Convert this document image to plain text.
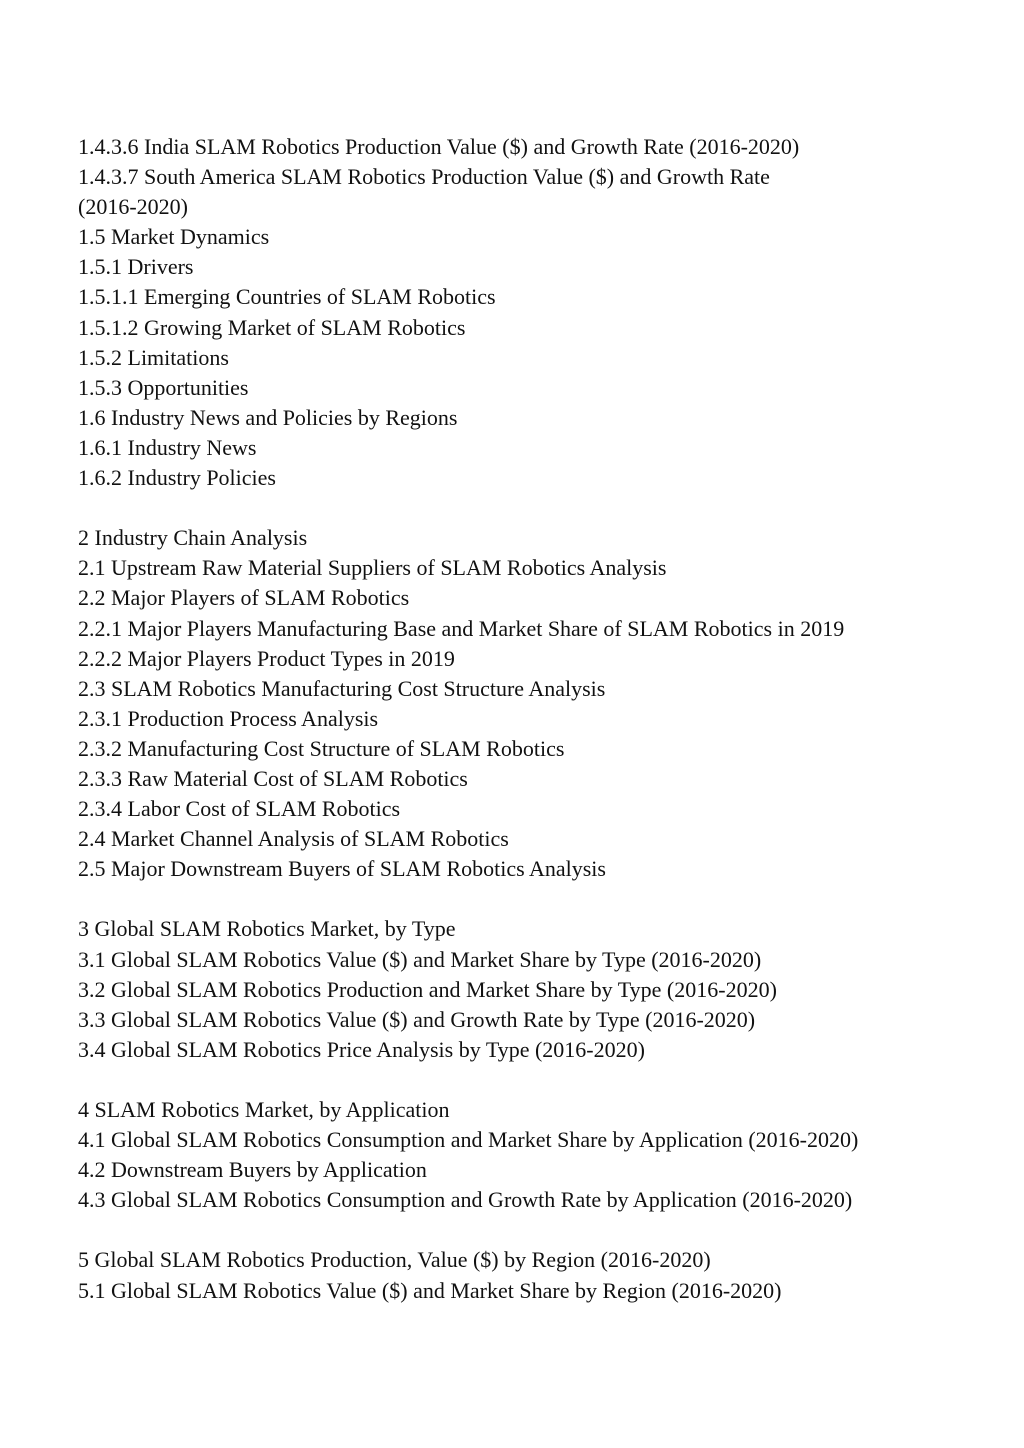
1.4.3.6 India SLAM Robotics Production Value ($) and Growth Rate (2016-2020)

1.4.3.7 South America SLAM Robotics Production Value ($) and Growth Rate

(2016-2020)

1.5 Market Dynamics

1.5.1 Drivers

1.5.1.1 Emerging Countries of SLAM Robotics

1.5.1.2 Growing Market of SLAM Robotics

1.5.2 Limitations

1.5.3 Opportunities

1.6 Industry News and Policies by Regions

1.6.1 Industry News

1.6.2 Industry Policies

2 Industry Chain Analysis

2.1 Upstream Raw Material Suppliers of SLAM Robotics Analysis

2.2 Major Players of SLAM Robotics

2.2.1 Major Players Manufacturing Base and Market Share of SLAM Robotics in 2019

2.2.2 Major Players Product Types in 2019

2.3 SLAM Robotics Manufacturing Cost Structure Analysis

2.3.1 Production Process Analysis

2.3.2 Manufacturing Cost Structure of SLAM Robotics

2.3.3 Raw Material Cost of SLAM Robotics

2.3.4 Labor Cost of SLAM Robotics

2.4 Market Channel Analysis of SLAM Robotics

2.5 Major Downstream Buyers of SLAM Robotics Analysis

3 Global SLAM Robotics Market, by Type

3.1 Global SLAM Robotics Value ($) and Market Share by Type (2016-2020)

3.2 Global SLAM Robotics Production and Market Share by Type (2016-2020)

3.3 Global SLAM Robotics Value ($) and Growth Rate by Type (2016-2020)

3.4 Global SLAM Robotics Price Analysis by Type (2016-2020)

4 SLAM Robotics Market, by Application

4.1 Global SLAM Robotics Consumption and Market Share by Application (2016-2020)

4.2 Downstream Buyers by Application

4.3 Global SLAM Robotics Consumption and Growth Rate by Application (2016-2020)

5 Global SLAM Robotics Production, Value ($) by Region (2016-2020)

5.1 Global SLAM Robotics Value ($) and Market Share by Region (2016-2020)
